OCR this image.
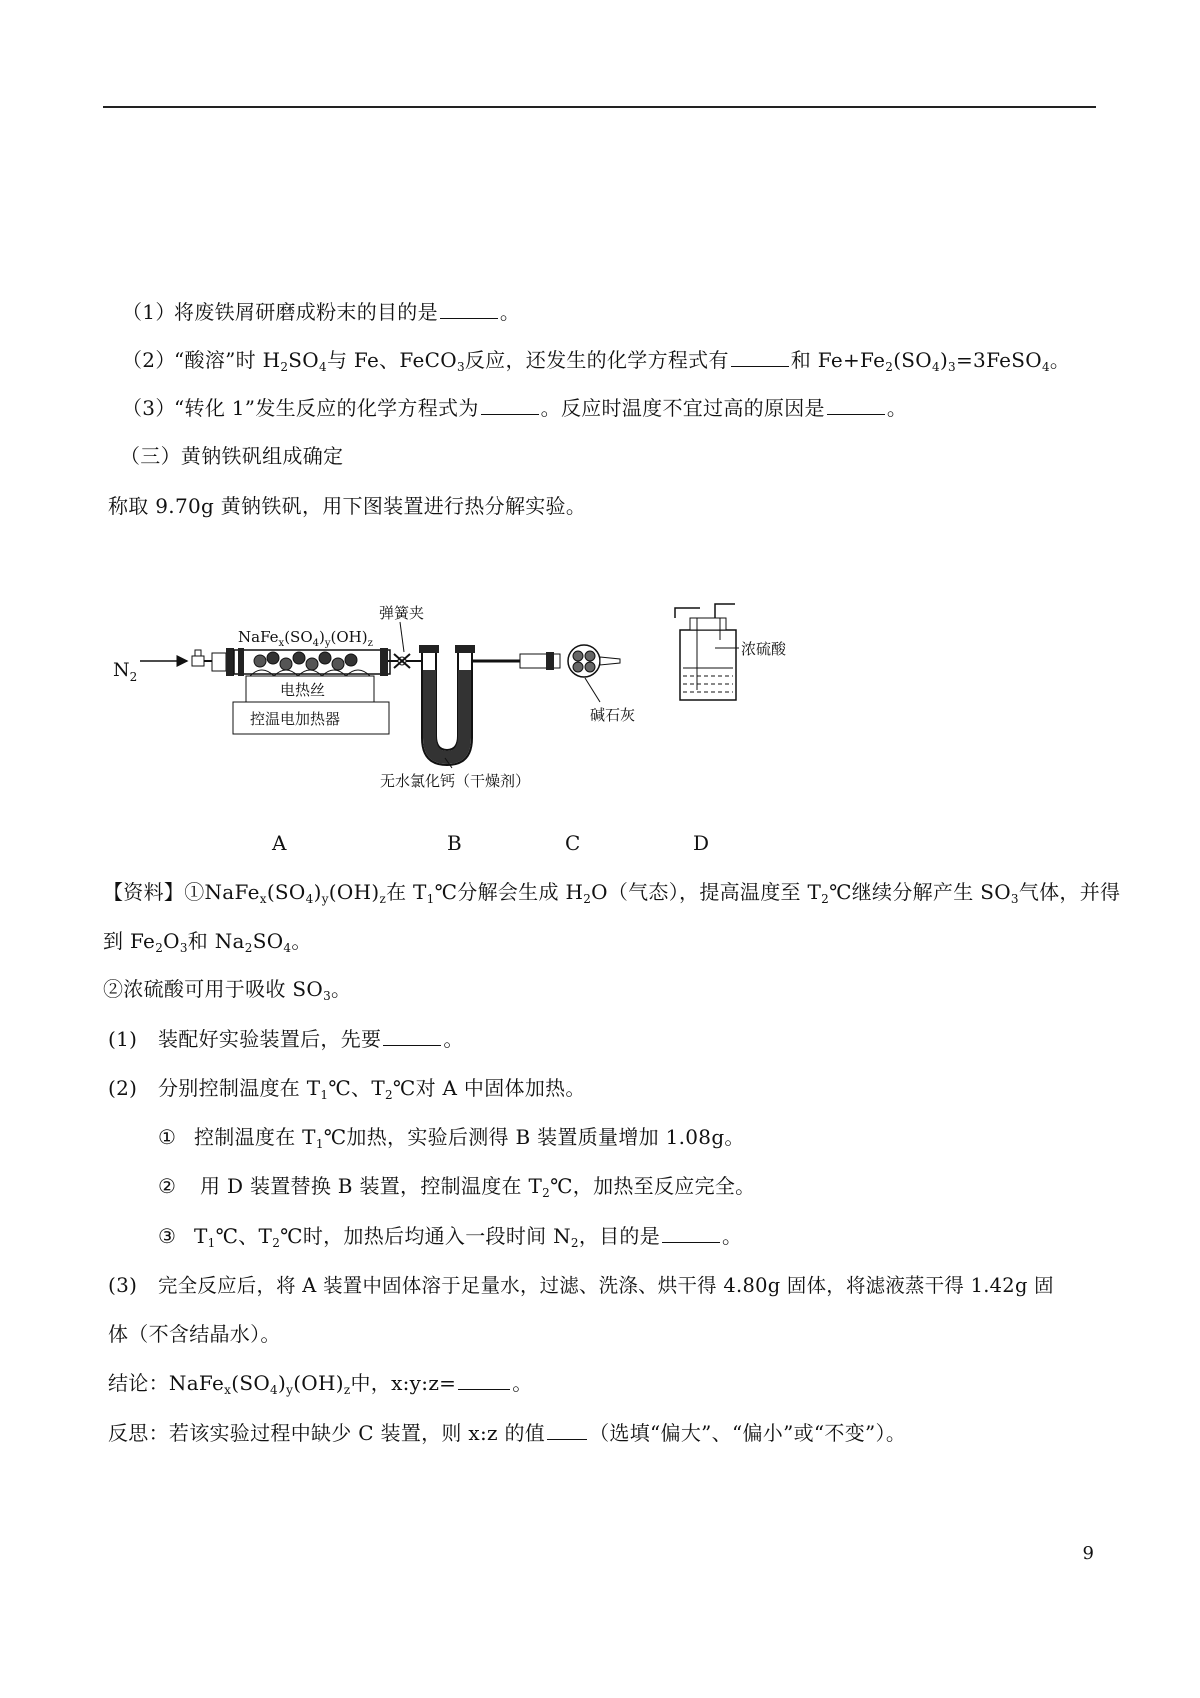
（1）将废铁屑研磨成粉末的目的是	。
（2）“酸溶”时 $H_2SO_4$与 Fe、FeCO$_3$反应，还发生的化学方程式有	和 $Fe+Fe_2(SO_4)_3=3FeSO_4$。
（3）“转化 1”发生反应的化学方程式为	。反应时温度不宜过高的原因是	。
（三）黄钠铁矾组成确定
称取 9.70g 黄钠铁矾，用下图装置进行热分解实验。
$N_2$
$NaFe_x(SO_4)_y(OH)_z$
电热丝
控温电加热器
弹簧夹
无水氯化钙（干燥剂）
碱石灰
浓硫酸
A	B	C	D
【资料】$①NaFe_x(SO_4)_y(OH)_z$在 $T_1℃$分解会生成 $H_2O$（气态），提高温度至 $T_2℃$继续分解产生 $SO_3$气体，并得
到 $Fe_2O_3$和 $Na_2SO_4$。
②浓硫酸可用于吸收 $SO_3$。
(1) 装配好实验装置后，先要	。
(2) 分别控制温度在 $T_1℃$、$T_2℃$对 A 中固体加热。
① 控制温度在 $T_1℃$加热，实验后测得 B 装置质量增加 1.08g。
② 用 D 装置替换 B 装置，控制温度在 $T_2℃$，加热至反应完全。
③ $T_1℃$、$T_2℃$时，加热后均通入一段时间 $N_2$，目的是	。
(3) 完全反应后，将 A 装置中固体溶于足量水，过滤、洗涤、烘干得 4.80g 固体，将滤液蒸干得 1.42g 固
体（不含结晶水）。
结论：$NaFe_x(SO_4)_y(OH)_z$中，x:y:z=	。
反思：若该实验过程中缺少 C 装置，则 x:z 的值 （选填“偏大”、“偏小”或“不变”）。
9
